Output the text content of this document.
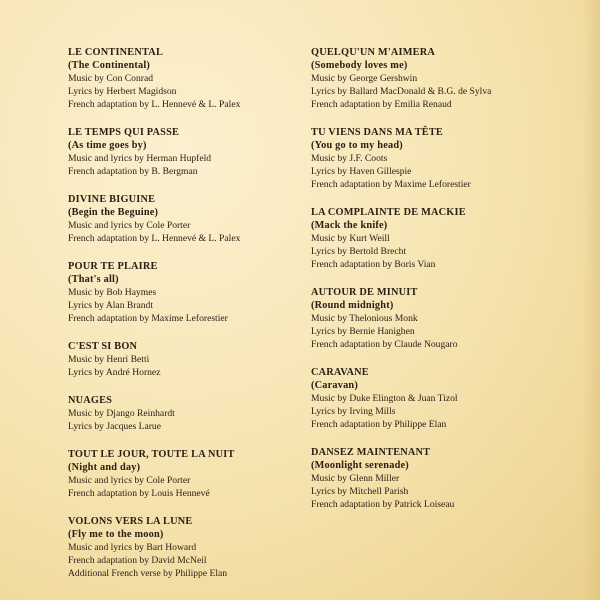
LE CONTINENTAL
(The Continental)
Music by Con Conrad
Lyrics by Herbert Magidson
French adaptation by L. Hennevé & L. Palex
LE TEMPS QUI PASSE
(As time goes by)
Music and lyrics by Herman Hupfeld
French adaptation by B. Bergman
DIVINE BIGUINE
(Begin the Beguine)
Music and lyrics by Cole Porter
French adaptation by L. Hennevé & L. Palex
POUR TE PLAIRE
(That's all)
Music by Bob Haymes
Lyrics by Alan Brandt
French adaptation by Maxime Leforestier
C'EST SI BON
Music by Henri Betti
Lyrics by André Hornez
NUAGES
Music by Django Reinhardt
Lyrics by Jacques Larue
TOUT LE JOUR, TOUTE LA NUIT
(Night and day)
Music and lyrics by Cole Porter
French adaptation by Louis Hennevé
VOLONS VERS LA LUNE
(Fly me to the moon)
Music and lyrics by Bart Howard
French adaptation by David McNeil
Additional French verse by Philippe Elan
QUELQU'UN M'AIMERA
(Somebody loves me)
Music by George Gershwin
Lyrics by Ballard MacDonald & B.G. de Sylva
French adaptation by Emilia Renaud
TU VIENS DANS MA TÊTE
(You go to my head)
Music by J.F. Coots
Lyrics by Haven Gillespie
French adaptation by Maxime Leforestier
LA COMPLAINTE DE MACKIE
(Mack the knife)
Music by Kurt Weill
Lyrics by Bertold Brecht
French adaptation by Boris Vian
AUTOUR DE MINUIT
(Round midnight)
Music by Thelonious Monk
Lyrics by Bernie Hanighen
French adaptation by Claude Nougaro
CARAVANE
(Caravan)
Music by Duke Elington & Juan Tizol
Lyrics by Irving Mills
French adaptation by Philippe Elan
DANSEZ MAINTENANT
(Moonlight serenade)
Music by Glenn Miller
Lyrics by Mitchell Parish
French adaptation by Patrick Loiseau
